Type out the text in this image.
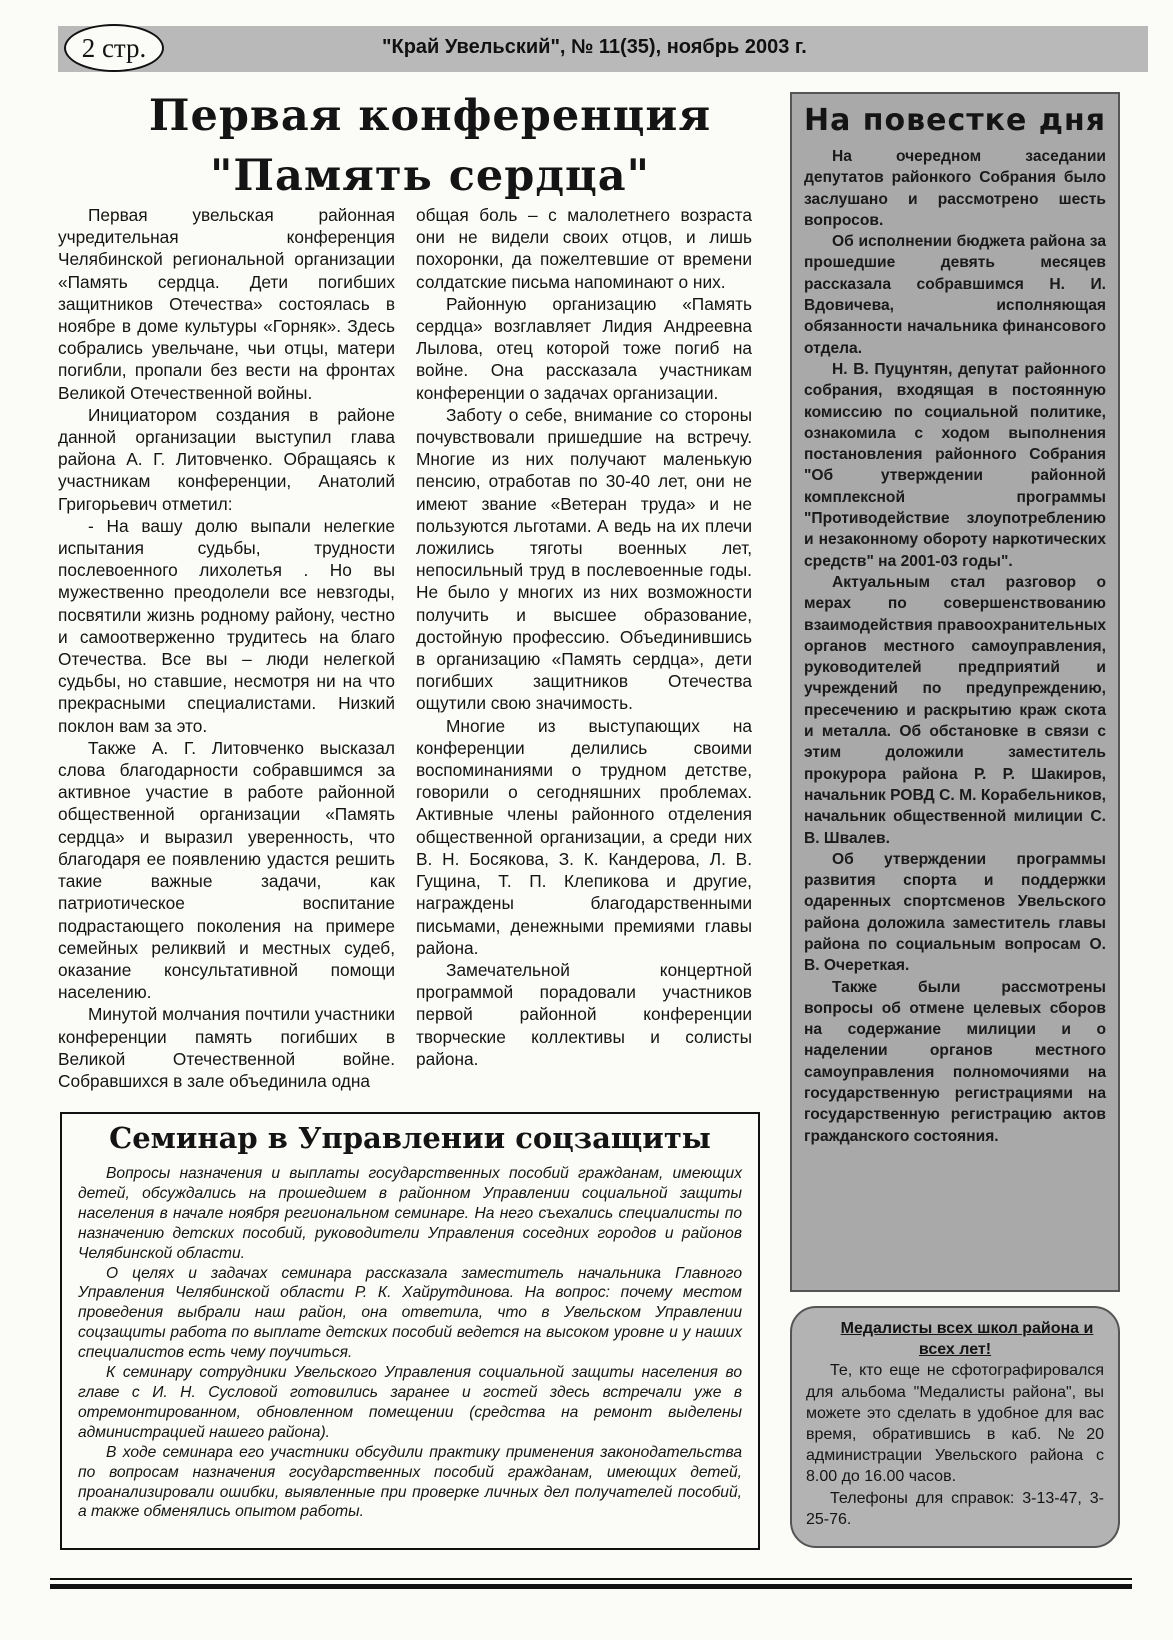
2 стр.	"Край Увельский", № 11(35), ноябрь 2003 г.
Первая конференция
"Память сердца"

Первая увельская районная учредительная конференция Челябинской региональной организации «Память сердца. Дети погибших защитников Отечества» состоялась в ноябре в доме культуры «Горняк». Здесь собрались увельчане, чьи отцы, матери погибли, пропали без вести на фронтах Великой Отечественной войны.

Инициатором создания в районе данной организации выступил глава района А. Г. Литовченко. Обращаясь к участникам конференции, Анатолий Григорьевич отметил:

- На вашу долю выпали нелегкие испытания судьбы, трудности послевоенного лихолетья . Но вы мужественно преодолели все невзгоды, посвятили жизнь родному району, честно и самоотверженно трудитесь на благо Отечества. Все вы – люди нелегкой судьбы, но ставшие, несмотря ни на что прекрасными специалистами. Низкий поклон вам за это.

Также А. Г. Литовченко высказал слова благодарности собравшимся за активное участие в работе районной общественной организации «Память сердца» и выразил уверенность, что благодаря ее появлению удастся решить такие важные задачи, как патриотическое воспитание подрастающего поколения на примере семейных реликвий и местных судеб, оказание консультативной помощи населению.

Минутой молчания почтили участники конференции память погибших в Великой Отечественной войне. Собравшихся в зале объединила одна

общая боль – с малолетнего возраста они не видели своих отцов, и лишь похоронки, да пожелтевшие от времени солдатские письма напоминают о них.

Районную организацию «Память сердца» возглавляет Лидия Андреевна Лылова, отец которой тоже погиб на войне. Она рассказала участникам конференции о задачах организации.

Заботу о себе, внимание со стороны почувствовали пришедшие на встречу. Многие из них получают маленькую пенсию, отработав по 30-40 лет, они не имеют звание «Ветеран труда» и не пользуются льготами. А ведь на их плечи ложились тяготы военных лет, непосильный труд в послевоенные годы. Не было у многих из них возможности получить и высшее образование, достойную профессию. Объединившись в организацию «Память сердца», дети погибших защитников Отечества ощутили свою значимость.

Многие из выступающих на конференции делились своими воспоминаниями о трудном детстве, говорили о сегодняшних проблемах. Активные члены районного отделения общественной организации, а среди них В. Н. Босякова, З. К. Кандерова, Л. В. Гущина, Т. П. Клепикова и другие, награждены благодарственными письмами, денежными премиями главы района.

Замечательной концертной программой порадовали участников первой районной конференции творческие коллективы и солисты района.

На повестке дня

На очередном заседании депутатов районкого Собрания было заслушано и рассмотрено шесть вопросов.

Об исполнении бюджета района за прошедшие девять месяцев рассказала собравшимся Н. И. Вдовичева, исполняющая обязанности начальника финансового отдела.

Н. В. Пуцунтян, депутат районного собрания, входящая в постоянную комиссию по социальной политике, ознакомила с ходом выполнения постановления районного Собрания "Об утверждении районной комплексной программы "Противодействие злоупотреблению и незаконному обороту наркотических средств" на 2001-03 годы".

Актуальным стал разговор о мерах по совершенствованию взаимодействия правоохранительных органов местного самоуправления, руководителей предприятий и учреждений по предупреждению, пресечению и раскрытию краж скота и металла. Об обстановке в связи с этим доложили заместитель прокурора района Р. Р. Шакиров, начальник РОВД С. М. Корабельников, начальник общественной милиции С. В. Швалев.

Об утверждении программы развития спорта и поддержки одаренных спортсменов Увельского района доложила заместитель главы района по социальным вопросам О. В. Очереткая.

Также были рассмотрены вопросы об отмене целевых сборов на содержание милиции и о наделении органов местного самоуправления полномочиями на государственную регистрациями на государственную регистрацию актов гражданского состояния.

Медалисты всех школ района и всех лет!

Те, кто еще не сфотографировался для альбома "Медалисты района", вы можете это сделать в удобное для вас время, обратившись в каб. №20 администрации Увельского района с 8.00 до 16.00 часов.

Телефоны для справок: 3-13-47, 3-25-76.

Семинар в Управлении соцзащиты

Вопросы назначения и выплаты государственных пособий гражданам, имеющих детей, обсуждались на прошедшем в районном Управлении социальной защиты населения в начале ноября региональном семинаре. На него съехались специалисты по назначению детских пособий, руководители Управления соседних городов и районов Челябинской области.

О целях и задачах семинара рассказала заместитель начальника Главного Управления Челябинской области Р. К. Хайрутдинова. На вопрос: почему местом проведения выбрали наш район, она ответила, что в Увельском Управлении соцзащиты работа по выплате детских пособий ведется на высоком уровне и у наших специалистов есть чему поучиться.

К семинару сотрудники Увельского Управления социальной защиты населения во главе с И. Н. Сусловой готовились заранее и гостей здесь встречали уже в отремонтированном, обновленном помещении (средства на ремонт выделены администрацией нашего района).

В ходе семинара его участники обсудили практику применения законодательства по вопросам назначения государственных пособий гражданам, имеющих детей, проанализировали ошибки, выявленные при проверке личных дел получателей пособий, а также обменялись опытом работы.
